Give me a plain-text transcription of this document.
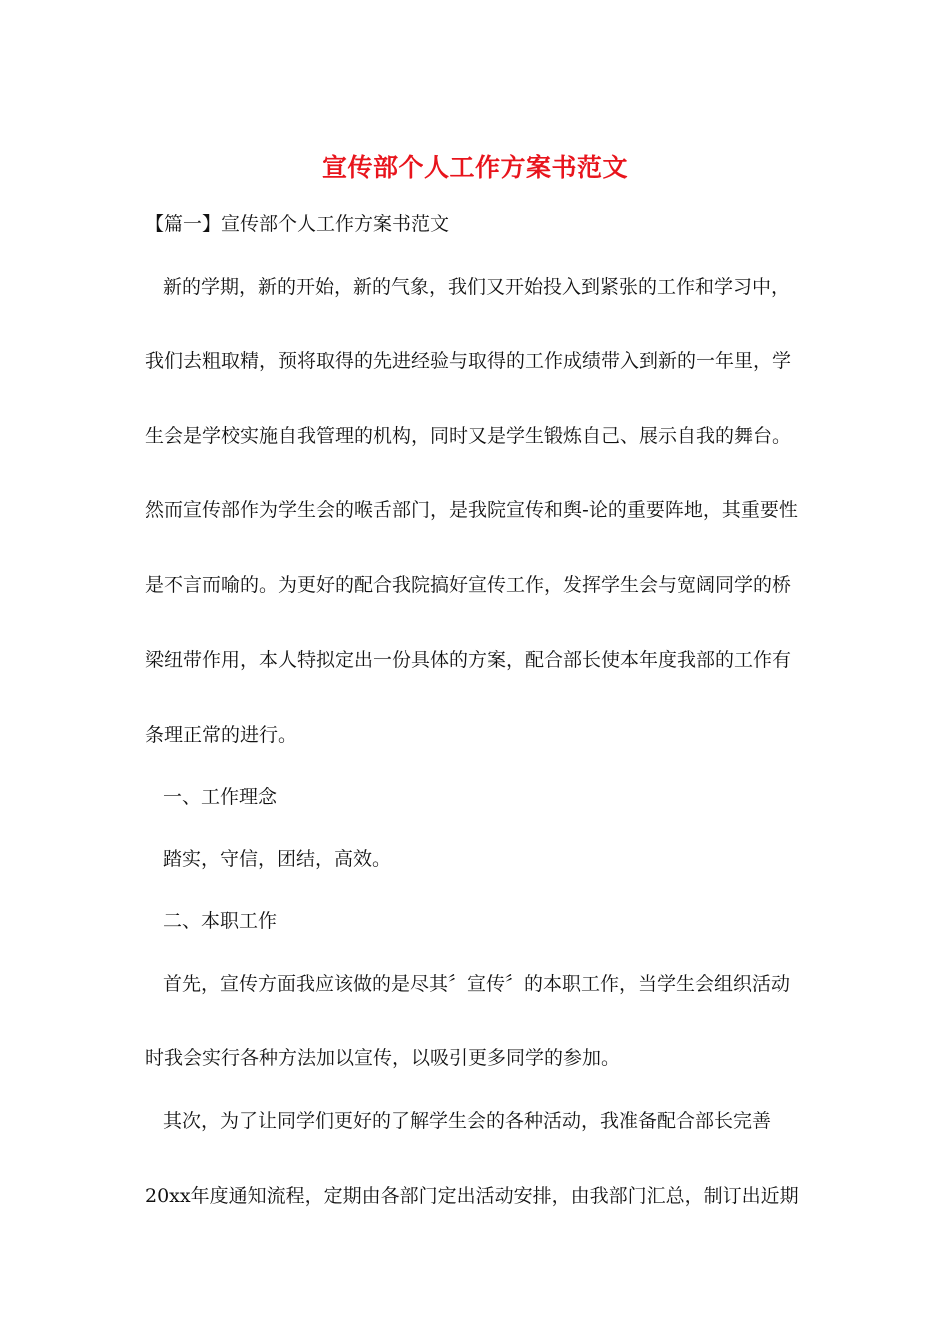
宣传部个人工作方案书范文
【篇一】宣传部个人工作方案书范文
新的学期，新的开始，新的气象，我们又开始投入到紧张的工作和学习中，
我们去粗取精，预将取得的先进经验与取得的工作成绩带入到新的一年里，学
生会是学校实施自我管理的机构，同时又是学生锻炼自己、展示自我的舞台。
然而宣传部作为学生会的喉舌部门，是我院宣传和舆-论的重要阵地，其重要性
是不言而喻的。为更好的配合我院搞好宣传工作，发挥学生会与宽阔同学的桥
梁纽带作用，本人特拟定出一份具体的方案，配合部长使本年度我部的工作有
条理正常的进行。
一、工作理念
踏实，守信，团结，高效。
二、本职工作
首先，宣传方面我应该做的是尽其〞宣传〞的本职工作，当学生会组织活动
时我会实行各种方法加以宣传，以吸引更多同学的参加。
其次，为了让同学们更好的了解学生会的各种活动，我准备配合部长完善
20xx年度通知流程，定期由各部门定出活动安排，由我部门汇总，制订出近期
